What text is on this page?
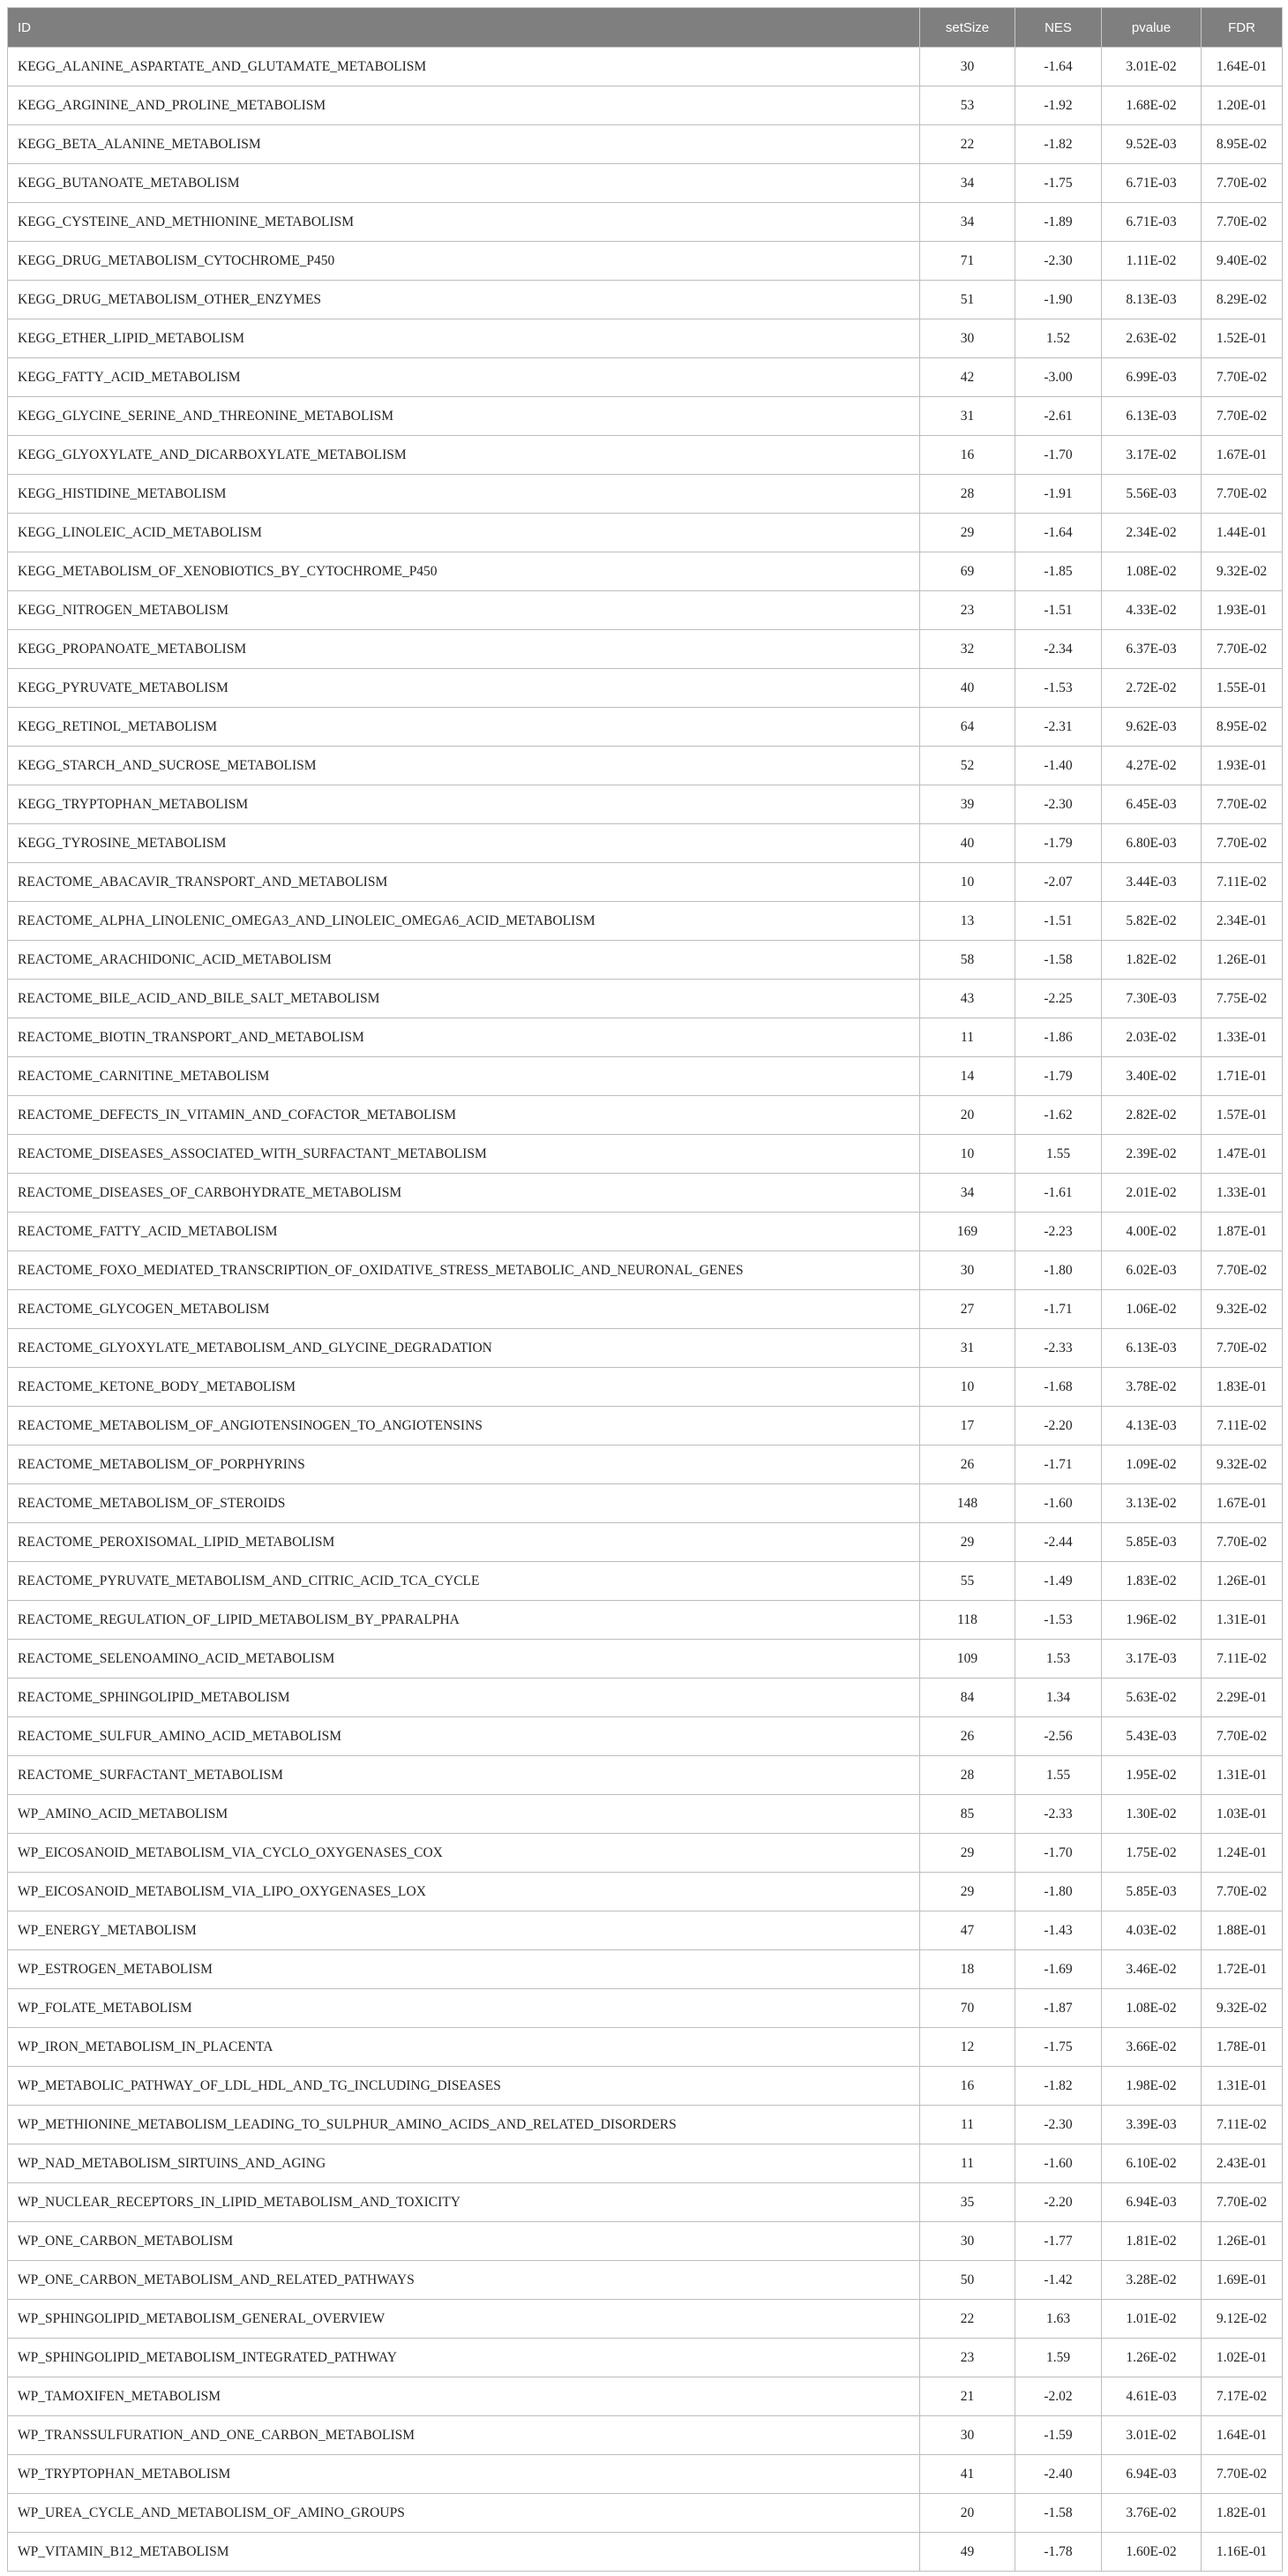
ID	setSize	NES	pvalue	FDR
KEGG_ALANINE_ASPARTATE_AND_GLUTAMATE_METABOLISM	30	-1.64	3.01E-02	1.64E-01
KEGG_ARGININE_AND_PROLINE_METABOLISM	53	-1.92	1.68E-02	1.20E-01
KEGG_BETA_ALANINE_METABOLISM	22	-1.82	9.52E-03	8.95E-02
KEGG_BUTANOATE_METABOLISM	34	-1.75	6.71E-03	7.70E-02
KEGG_CYSTEINE_AND_METHIONINE_METABOLISM	34	-1.89	6.71E-03	7.70E-02
KEGG_DRUG_METABOLISM_CYTOCHROME_P450	71	-2.30	1.11E-02	9.40E-02
KEGG_DRUG_METABOLISM_OTHER_ENZYMES	51	-1.90	8.13E-03	8.29E-02
KEGG_ETHER_LIPID_METABOLISM	30	1.52	2.63E-02	1.52E-01
KEGG_FATTY_ACID_METABOLISM	42	-3.00	6.99E-03	7.70E-02
KEGG_GLYCINE_SERINE_AND_THREONINE_METABOLISM	31	-2.61	6.13E-03	7.70E-02
KEGG_GLYOXYLATE_AND_DICARBOXYLATE_METABOLISM	16	-1.70	3.17E-02	1.67E-01
KEGG_HISTIDINE_METABOLISM	28	-1.91	5.56E-03	7.70E-02
KEGG_LINOLEIC_ACID_METABOLISM	29	-1.64	2.34E-02	1.44E-01
KEGG_METABOLISM_OF_XENOBIOTICS_BY_CYTOCHROME_P450	69	-1.85	1.08E-02	9.32E-02
KEGG_NITROGEN_METABOLISM	23	-1.51	4.33E-02	1.93E-01
KEGG_PROPANOATE_METABOLISM	32	-2.34	6.37E-03	7.70E-02
KEGG_PYRUVATE_METABOLISM	40	-1.53	2.72E-02	1.55E-01
KEGG_RETINOL_METABOLISM	64	-2.31	9.62E-03	8.95E-02
KEGG_STARCH_AND_SUCROSE_METABOLISM	52	-1.40	4.27E-02	1.93E-01
KEGG_TRYPTOPHAN_METABOLISM	39	-2.30	6.45E-03	7.70E-02
KEGG_TYROSINE_METABOLISM	40	-1.79	6.80E-03	7.70E-02
REACTOME_ABACAVIR_TRANSPORT_AND_METABOLISM	10	-2.07	3.44E-03	7.11E-02
REACTOME_ALPHA_LINOLENIC_OMEGA3_AND_LINOLEIC_OMEGA6_ACID_METABOLISM	13	-1.51	5.82E-02	2.34E-01
REACTOME_ARACHIDONIC_ACID_METABOLISM	58	-1.58	1.82E-02	1.26E-01
REACTOME_BILE_ACID_AND_BILE_SALT_METABOLISM	43	-2.25	7.30E-03	7.75E-02
REACTOME_BIOTIN_TRANSPORT_AND_METABOLISM	11	-1.86	2.03E-02	1.33E-01
REACTOME_CARNITINE_METABOLISM	14	-1.79	3.40E-02	1.71E-01
REACTOME_DEFECTS_IN_VITAMIN_AND_COFACTOR_METABOLISM	20	-1.62	2.82E-02	1.57E-01
REACTOME_DISEASES_ASSOCIATED_WITH_SURFACTANT_METABOLISM	10	1.55	2.39E-02	1.47E-01
REACTOME_DISEASES_OF_CARBOHYDRATE_METABOLISM	34	-1.61	2.01E-02	1.33E-01
REACTOME_FATTY_ACID_METABOLISM	169	-2.23	4.00E-02	1.87E-01
REACTOME_FOXO_MEDIATED_TRANSCRIPTION_OF_OXIDATIVE_STRESS_METABOLIC_AND_NEURONAL_GENES	30	-1.80	6.02E-03	7.70E-02
REACTOME_GLYCOGEN_METABOLISM	27	-1.71	1.06E-02	9.32E-02
REACTOME_GLYOXYLATE_METABOLISM_AND_GLYCINE_DEGRADATION	31	-2.33	6.13E-03	7.70E-02
REACTOME_KETONE_BODY_METABOLISM	10	-1.68	3.78E-02	1.83E-01
REACTOME_METABOLISM_OF_ANGIOTENSINOGEN_TO_ANGIOTENSINS	17	-2.20	4.13E-03	7.11E-02
REACTOME_METABOLISM_OF_PORPHYRINS	26	-1.71	1.09E-02	9.32E-02
REACTOME_METABOLISM_OF_STEROIDS	148	-1.60	3.13E-02	1.67E-01
REACTOME_PEROXISOMAL_LIPID_METABOLISM	29	-2.44	5.85E-03	7.70E-02
REACTOME_PYRUVATE_METABOLISM_AND_CITRIC_ACID_TCA_CYCLE	55	-1.49	1.83E-02	1.26E-01
REACTOME_REGULATION_OF_LIPID_METABOLISM_BY_PPARALPHA	118	-1.53	1.96E-02	1.31E-01
REACTOME_SELENOAMINO_ACID_METABOLISM	109	1.53	3.17E-03	7.11E-02
REACTOME_SPHINGOLIPID_METABOLISM	84	1.34	5.63E-02	2.29E-01
REACTOME_SULFUR_AMINO_ACID_METABOLISM	26	-2.56	5.43E-03	7.70E-02
REACTOME_SURFACTANT_METABOLISM	28	1.55	1.95E-02	1.31E-01
WP_AMINO_ACID_METABOLISM	85	-2.33	1.30E-02	1.03E-01
WP_EICOSANOID_METABOLISM_VIA_CYCLO_OXYGENASES_COX	29	-1.70	1.75E-02	1.24E-01
WP_EICOSANOID_METABOLISM_VIA_LIPO_OXYGENASES_LOX	29	-1.80	5.85E-03	7.70E-02
WP_ENERGY_METABOLISM	47	-1.43	4.03E-02	1.88E-01
WP_ESTROGEN_METABOLISM	18	-1.69	3.46E-02	1.72E-01
WP_FOLATE_METABOLISM	70	-1.87	1.08E-02	9.32E-02
WP_IRON_METABOLISM_IN_PLACENTA	12	-1.75	3.66E-02	1.78E-01
WP_METABOLIC_PATHWAY_OF_LDL_HDL_AND_TG_INCLUDING_DISEASES	16	-1.82	1.98E-02	1.31E-01
WP_METHIONINE_METABOLISM_LEADING_TO_SULPHUR_AMINO_ACIDS_AND_RELATED_DISORDERS	11	-2.30	3.39E-03	7.11E-02
WP_NAD_METABOLISM_SIRTUINS_AND_AGING	11	-1.60	6.10E-02	2.43E-01
WP_NUCLEAR_RECEPTORS_IN_LIPID_METABOLISM_AND_TOXICITY	35	-2.20	6.94E-03	7.70E-02
WP_ONE_CARBON_METABOLISM	30	-1.77	1.81E-02	1.26E-01
WP_ONE_CARBON_METABOLISM_AND_RELATED_PATHWAYS	50	-1.42	3.28E-02	1.69E-01
WP_SPHINGOLIPID_METABOLISM_GENERAL_OVERVIEW	22	1.63	1.01E-02	9.12E-02
WP_SPHINGOLIPID_METABOLISM_INTEGRATED_PATHWAY	23	1.59	1.26E-02	1.02E-01
WP_TAMOXIFEN_METABOLISM	21	-2.02	4.61E-03	7.17E-02
WP_TRANSSULFURATION_AND_ONE_CARBON_METABOLISM	30	-1.59	3.01E-02	1.64E-01
WP_TRYPTOPHAN_METABOLISM	41	-2.40	6.94E-03	7.70E-02
WP_UREA_CYCLE_AND_METABOLISM_OF_AMINO_GROUPS	20	-1.58	3.76E-02	1.82E-01
WP_VITAMIN_B12_METABOLISM	49	-1.78	1.60E-02	1.16E-01
